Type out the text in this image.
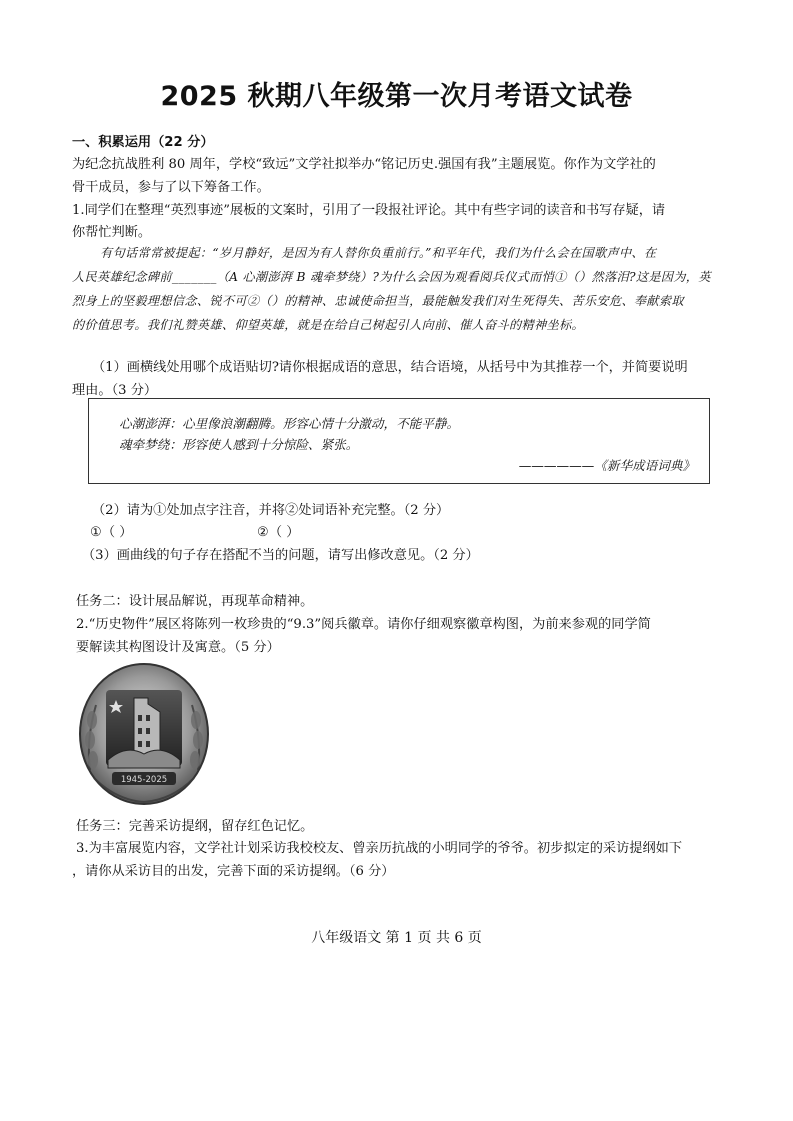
2025 秋期八年级第一次月考语文试卷
一、积累运用（22 分）
为纪念抗战胜利 80 周年，学校“致远”文学社拟举办“铭记历史.强国有我”主题展览。你作为文学社的
骨干成员，参与了以下筹备工作。
1.同学们在整理“英烈事迹”展板的文案时，引用了一段报社评论。其中有些字词的读音和书写存疑，请
你帮忙判断。
有句话常常被提起：“岁月静好，是因为有人替你负重前行。”和平年代，我们为什么会在国歌声中、在
人民英雄纪念碑前_______（A 心潮澎湃 B 魂牵梦绕）?为什么会因为观看阅兵仪式而悄①（）然落泪?这是因为，英
烈身上的坚毅理想信念、锐不可②（）的精神、忠诚使命担当，最能触发我们对生死得失、苦乐安危、奉献索取
的价值思考。我们礼赞英雄、仰望英雄，就是在给自己树起引人向前、催人奋斗的精神坐标。
（1）画横线处用哪个成语贴切?请你根据成语的意思，结合语境，从括号中为其推荐一个，并简要说明
理由。（3 分）
心潮澎湃：心里像浪潮翻腾。形容心情十分激动，不能平静。
魂牵梦绕：形容使人感到十分惊险、紧张。
——————《新华成语词典》
（2）请为①处加点字注音，并将②处词语补充完整。（2 分）
①（ ）	②（ ）
（3）画曲线的句子存在搭配不当的问题，请写出修改意见。（2 分）
任务二：设计展品解说，再现革命精神。
2.“历史物件”展区将陈列一枚珍贵的“9.3”阅兵徽章。请你仔细观察徽章构图，为前来参观的同学简
要解读其构图设计及寓意。（5 分）
1945-2025
任务三：完善采访提纲，留存红色记忆。
3.为丰富展览内容，文学社计划采访我校校友、曾亲历抗战的小明同学的爷爷。初步拟定的采访提纲如下
，请你从采访目的出发，完善下面的采访提纲。（6 分）
八年级语文 第 1 页 共 6 页
